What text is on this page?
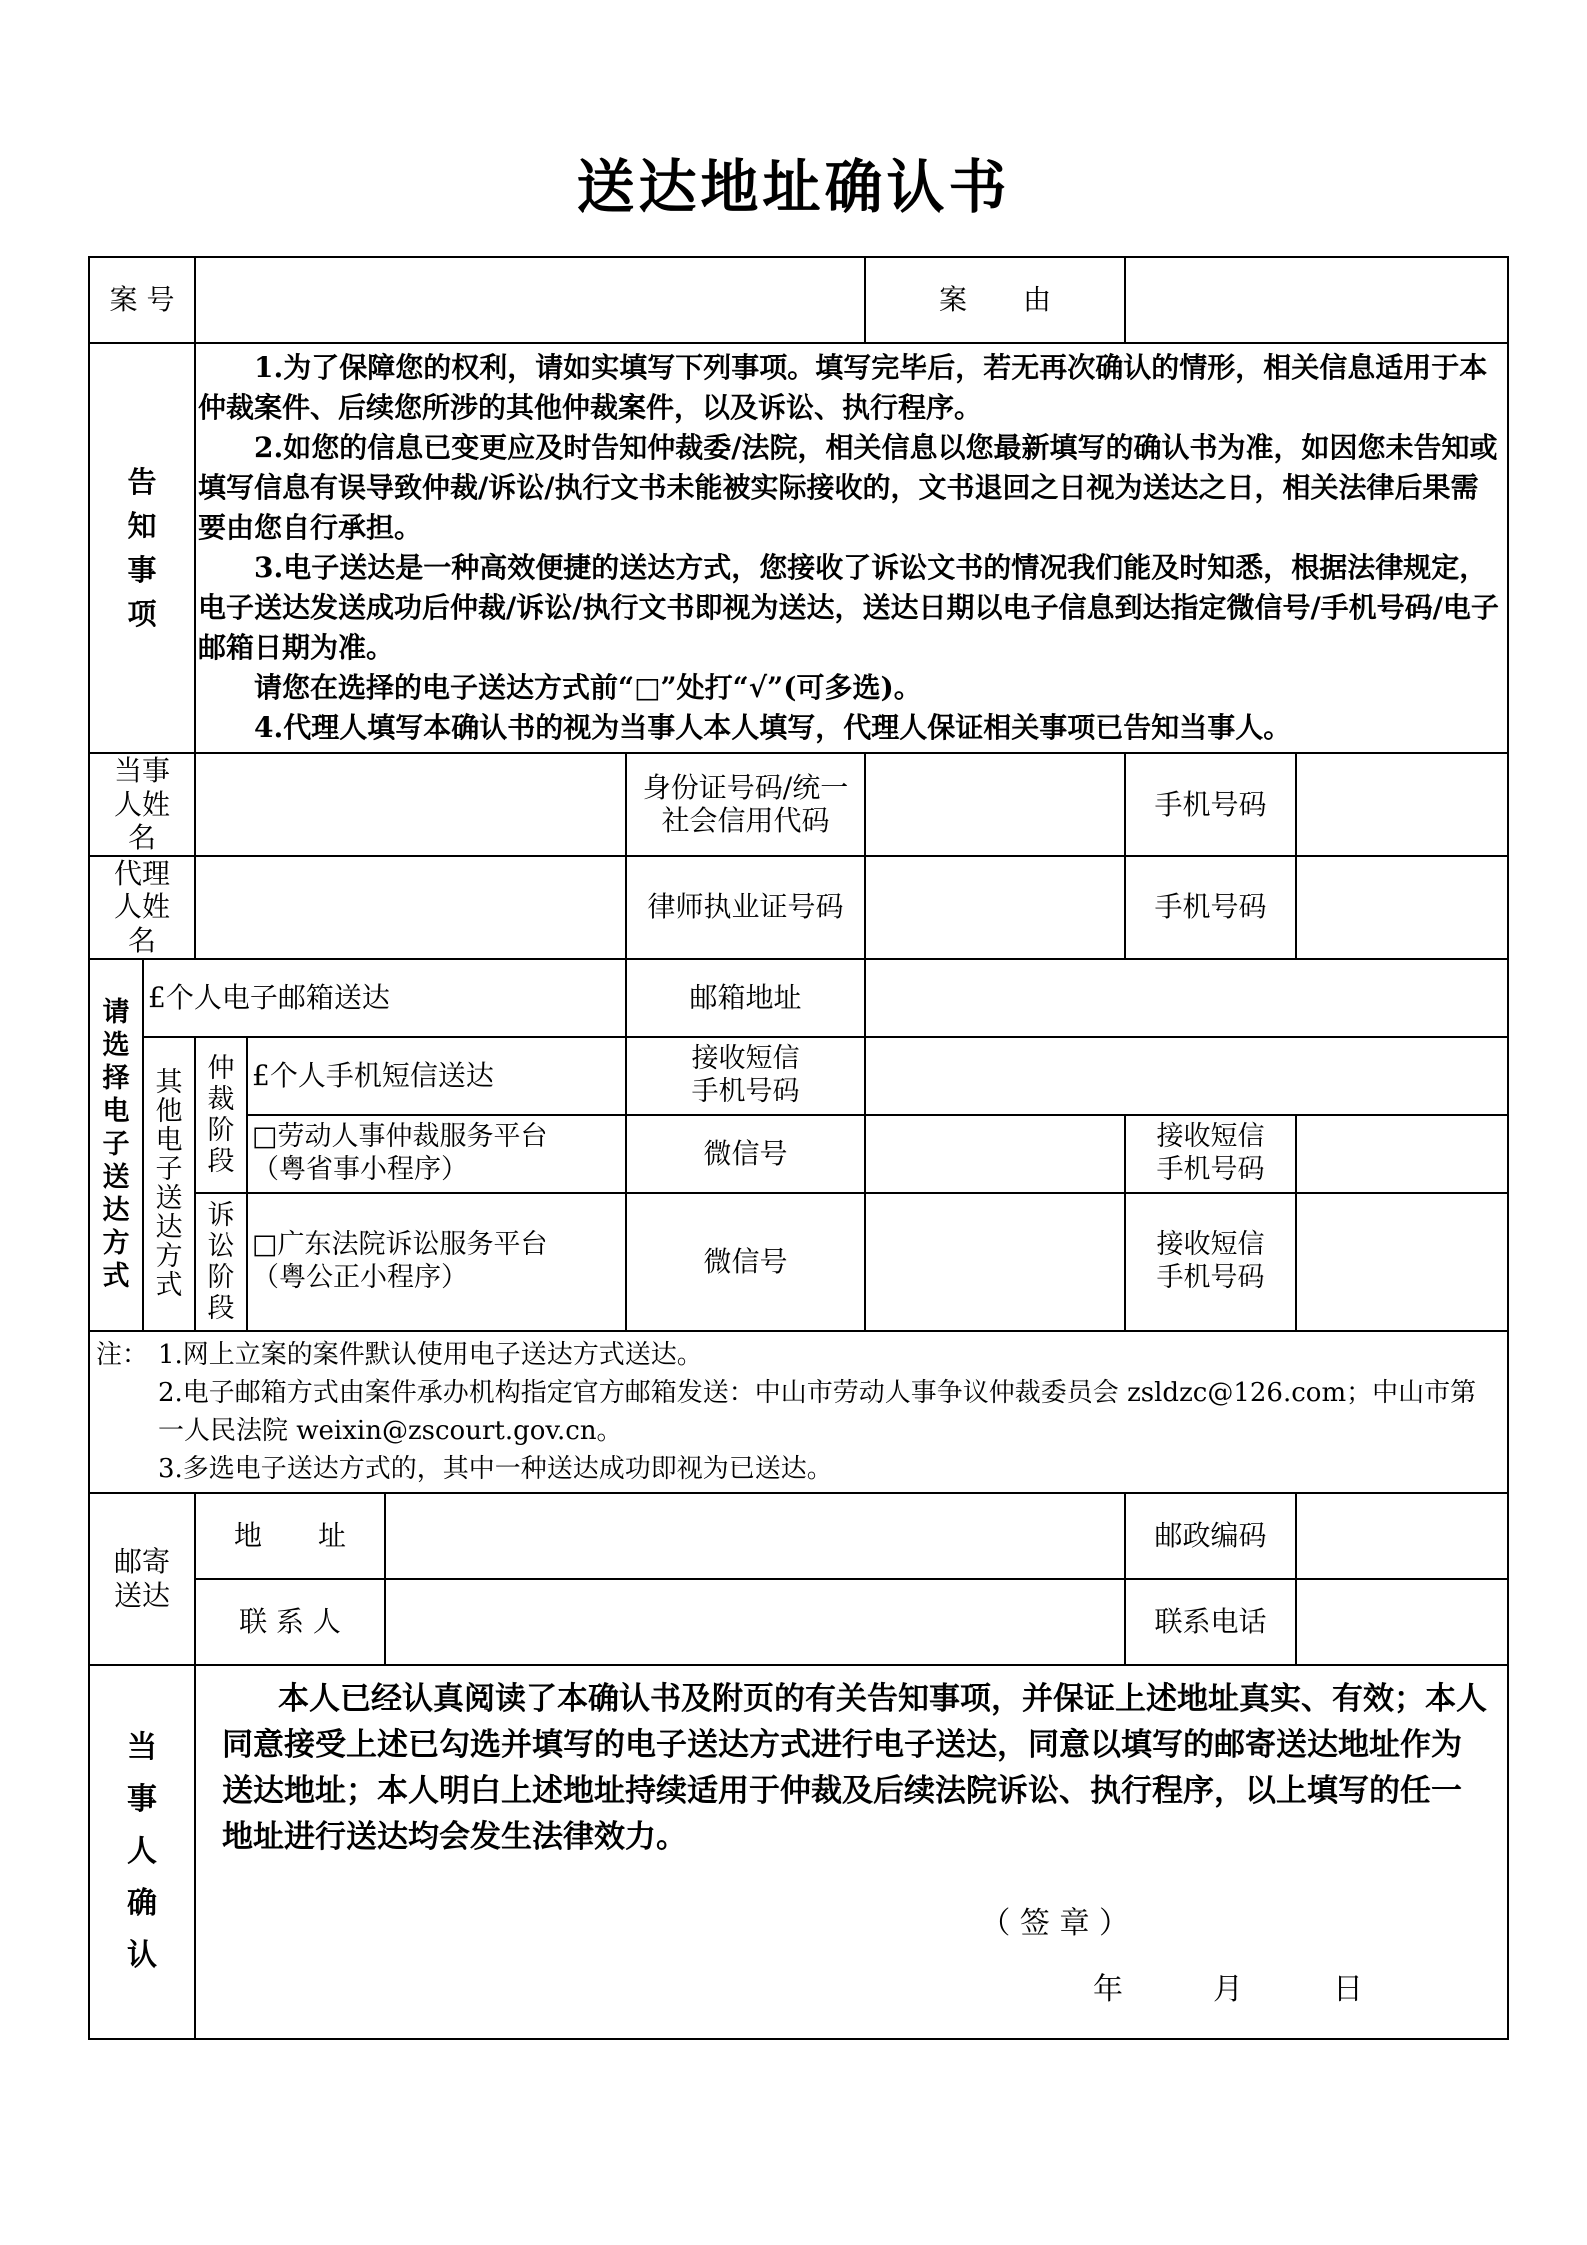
送达地址确认书
案 号						案　　由		

告知事项		1.为了保障您的权利，请如实填写下列事项。填写完毕后，若无再次确认的情形，相关信息适用于本仲裁案件、后续您所涉的其他仲裁案件，以及诉讼、执行程序。

2.如您的信息已变更应及时告知仲裁委/法院，相关信息以您最新填写的确认书为准，如因您未告知或填写信息有误导致仲裁/诉讼/执行文书未能被实际接收的，文书退回之日视为送达之日，相关法律后果需要由您自行承担。

3.电子送达是一种高效便捷的送达方式，您接收了诉讼文书的情况我们能及时知悉，根据法律规定，电子送达发送成功后仲裁/诉讼/执行文书即视为送达，送达日期以电子信息到达指定微信号/手机号码/电子邮箱日期为准。

请您在选择的电子送达方式前“□”处打“√”(可多选)。

4.代理人填写本确认书的视为当事人本人填写，代理人保证相关事项已告知当事人。						

当事人姓名					身份证号码/统一社会信用代码		手机号码	

代理人姓名					律师执业证号码		手机号码	

请选择电子送达方式	£个人电子邮箱送达				邮箱地址			

	其他电子送达方式	仲裁阶段	£个人手机短信送达		接收短信手机号码			

			□劳动人事仲裁服务平台
（粤省事小程序）		微信号		接收短信手机号码	

		诉讼阶段	□广东法院诉讼服务平台
（粤公正小程序）		微信号		接收短信手机号码	

注： 1.网上立案的案件默认使用电子送达方式送达。

2.电子邮箱方式由案件承办机构指定官方邮箱发送：中山市劳动人事争议仲裁委员会 zsldzc@126.com；中山市第一人民法院 weixin@zscourt.gov.cn。

3.多选电子送达方式的，其中一种送达成功即视为已送达。								

邮寄送达		地　　址					邮政编码	
		联 系 人					联系电话	

当事人确认		本人已经认真阅读了本确认书及附页的有关告知事项，并保证上述地址真实、有效；本人同意接受上述已勾选并填写的电子送达方式进行电子送达，同意以填写的邮寄送达地址作为送达地址；本人明白上述地址持续适用于仲裁及后续法院诉讼、执行程序，以上填写的任一地址进行送达均会发生法律效力。

（ 签 章 ）
年　　　月　　　日						
